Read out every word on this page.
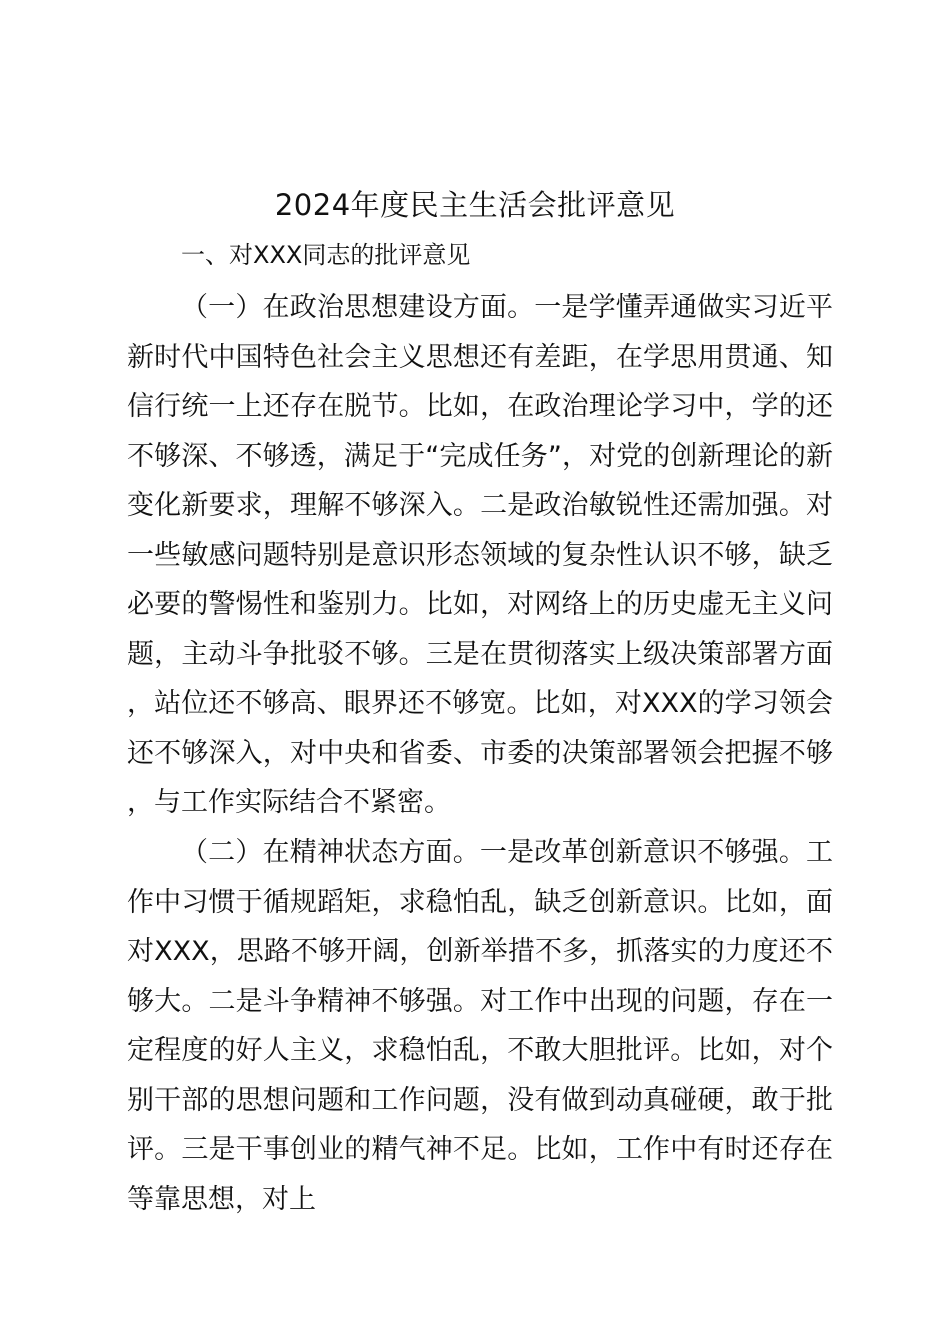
2024年度民主生活会批评意见
一、对XXX同志的批评意见

（一）在政治思想建设方面。一是学懂弄通做实习近平新时代中国特色社会主义思想还有差距，在学思用贯通、知信行统一上还存在脱节。比如，在政治理论学习中，学的还不够深、不够透，满足于“完成任务”，对党的创新理论的新变化新要求，理解不够深入。二是政治敏锐性还需加强。对一些敏感问题特别是意识形态领域的复杂性认识不够，缺乏必要的警惕性和鉴别力。比如，对网络上的历史虚无主义问题，主动斗争批驳不够。三是在贯彻落实上级决策部署方面，站位还不够高、眼界还不够宽。比如，对XXX的学习领会还不够深入，对中央和省委、市委的决策部署领会把握不够，与工作实际结合不紧密。

（二）在精神状态方面。一是改革创新意识不够强。工作中习惯于循规蹈矩，求稳怕乱，缺乏创新意识。比如，面对XXX，思路不够开阔，创新举措不多，抓落实的力度还不够大。二是斗争精神不够强。对工作中出现的问题，存在一定程度的好人主义，求稳怕乱，不敢大胆批评。比如，对个别干部的思想问题和工作问题，没有做到动真碰硬，敢于批评。三是干事创业的精气神不足。比如，工作中有时还存在等靠思想，对上
